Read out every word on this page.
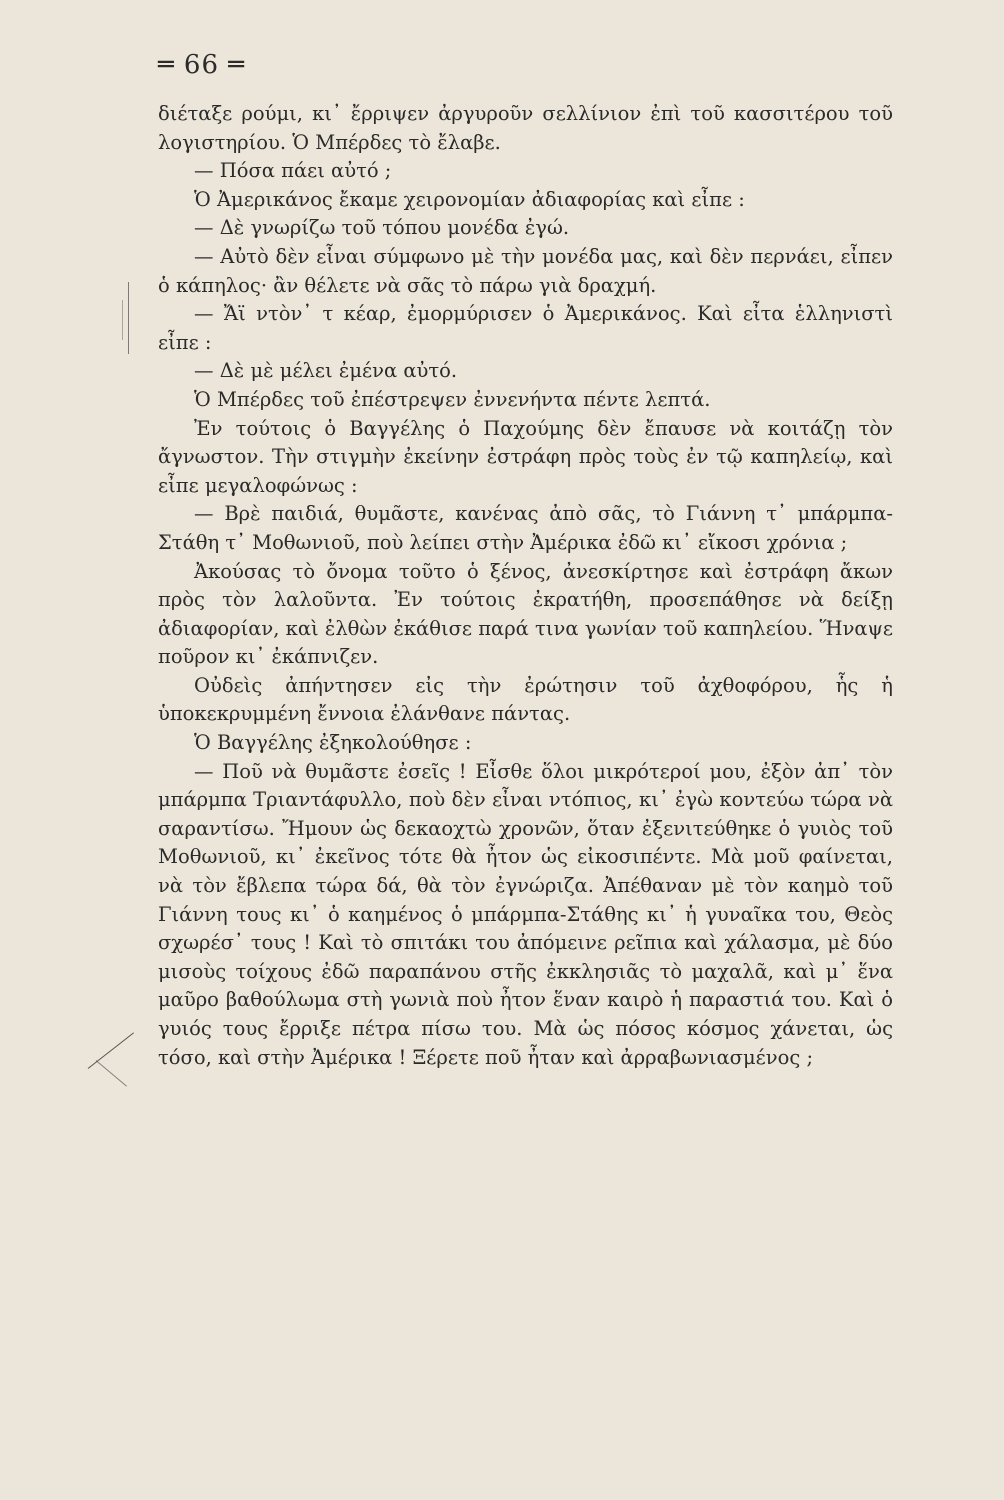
═ 66 ═

διέταξε ρούμι, κι᾽ ἔρριψεν ἀργυροῦν σελλίνιον ἐπὶ τοῦ κασσιτέρου τοῦ λογιστηρίου. Ὁ Μπέρδες τὸ ἔλαβε.

— Πόσα πάει αὐτό ;

Ὁ Ἀμερικάνος ἔκαμε χειρονομίαν ἀδιαφορίας καὶ εἶπε :

— Δὲ γνωρίζω τοῦ τόπου μονέδα ἐγώ.

— Αὐτὸ δὲν εἶναι σύμφωνο μὲ τὴν μονέδα μας, καὶ δὲν περνάει, εἶπεν ὁ κάπηλος· ἂν θέλετε νὰ σᾶς τὸ πάρω γιὰ δραχμή.

— Ἄϊ ντὸν᾽ τ κέαρ, ἐμορμύρισεν ὁ Ἀμερικάνος. Καὶ εἶτα ἑλληνιστὶ εἶπε :

— Δὲ μὲ μέλει ἐμένα αὐτό.

Ὁ Μπέρδες τοῦ ἐπέστρεψεν ἐννενήντα πέντε λεπτά.

Ἐν τούτοις ὁ Βαγγέλης ὁ Παχούμης δὲν ἔπαυσε νὰ κοιτάζῃ τὸν ἄγνωστον. Τὴν στιγμὴν ἐκείνην ἐστράφη πρὸς τοὺς ἐν τῷ καπηλείῳ, καὶ εἶπε μεγαλοφώνως :

— Βρὲ παιδιά, θυμᾶστε, κανένας ἀπὸ σᾶς, τὸ Γιάννη τ᾽ μπάρμπα-Στάθη τ᾽ Μοθωνιοῦ, ποὺ λείπει στὴν Ἀμέρικα ἐδῶ κι᾽ εἴκοσι χρόνια ;

Ἀκούσας τὸ ὄνομα τοῦτο ὁ ξένος, ἀνεσκίρτησε καὶ ἐστράφη ἄκων πρὸς τὸν λαλοῦντα. Ἐν τούτοις ἐκρατήθη, προσεπάθησε νὰ δείξῃ ἀδιαφορίαν, καὶ ἐλθὼν ἐκάθισε παρά τινα γωνίαν τοῦ καπηλείου. Ἥναψε ποῦρον κι᾽ ἐκάπνιζεν.

Οὐδεὶς ἀπήντησεν εἰς τὴν ἐρώτησιν τοῦ ἀχθοφόρου, ἧς ἡ ὑποκεκρυμμένη ἔννοια ἐλάνθανε πάντας.

Ὁ Βαγγέλης ἐξηκολούθησε :

— Ποῦ νὰ θυμᾶστε ἐσεῖς ! Εἶσθε ὅλοι μικρότεροί μου, ἐξὸν ἀπ᾽ τὸν μπάρμπα Τριαντάφυλλο, ποὺ δὲν εἶναι ντόπιος, κι᾽ ἐγὼ κοντεύω τώρα νὰ σαραντίσω. Ἤμουν ὡς δεκαοχτὼ χρονῶν, ὅταν ἐξενιτεύθηκε ὁ γυιὸς τοῦ Μοθωνιοῦ, κι᾽ ἐκεῖνος τότε θὰ ἦτον ὡς εἰκοσιπέντε. Μὰ μοῦ φαίνεται, νὰ τὸν ἔβλεπα τώρα δά, θὰ τὸν ἐγνώριζα. Ἀπέθαναν μὲ τὸν καημὸ τοῦ Γιάννη τους κι᾽ ὁ καημένος ὁ μπάρμπα-Στάθης κι᾽ ἡ γυναῖκα του, Θεὸς σχωρέσ᾽ τους ! Καὶ τὸ σπιτάκι του ἀπόμεινε ρεῖπια καὶ χάλασμα, μὲ δύο μισοὺς τοίχους ἐδῶ παραπάνου στῆς ἐκκλησιᾶς τὸ μαχαλᾶ, καὶ μ᾽ ἕνα μαῦρο βαθούλωμα στὴ γωνιὰ ποὺ ἦτον ἕναν καιρὸ ἡ παραστιά του. Καὶ ὁ γυιός τους ἔρριξε πέτρα πίσω του. Μὰ ὡς πόσος κόσμος χάνεται, ὡς τόσο, καὶ στὴν Ἀμέρικα ! Ξέρετε ποῦ ἦταν καὶ ἀρραβωνιασμένος ;
